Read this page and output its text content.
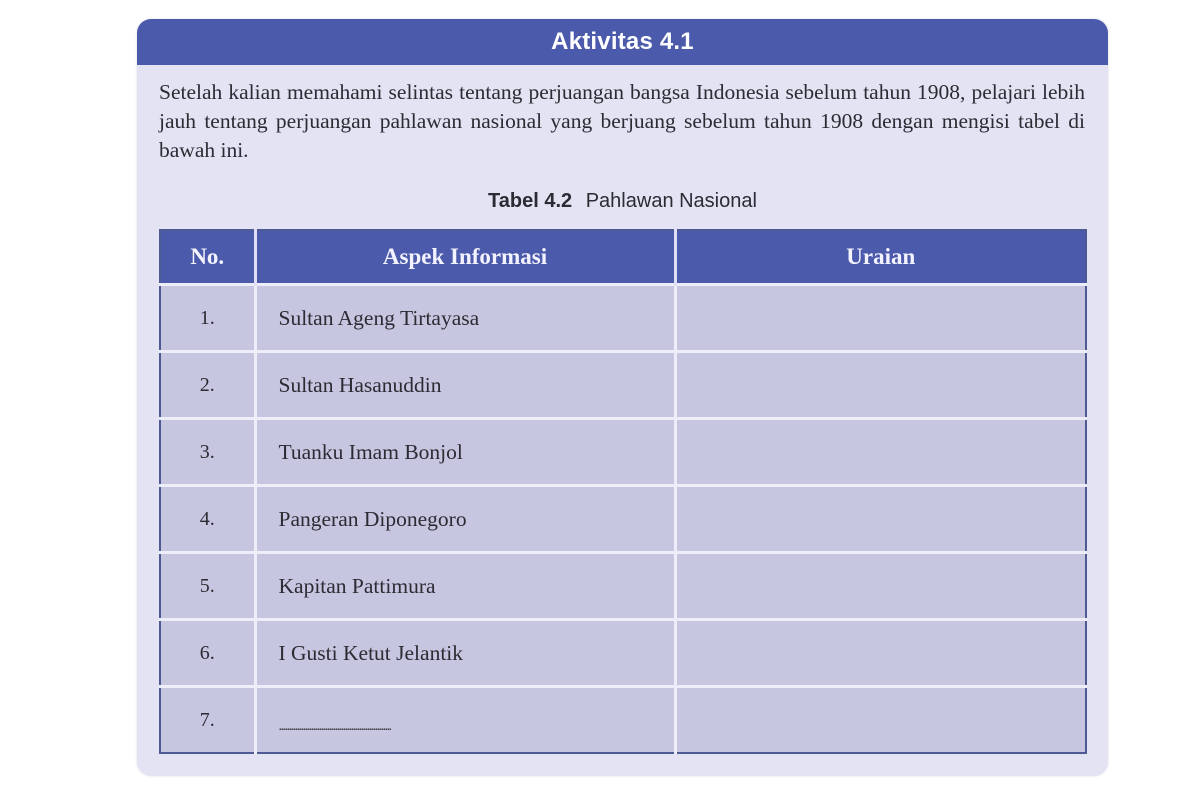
Aktivitas 4.1

Setelah kalian memahami selintas tentang perjuangan bangsa Indonesia sebelum tahun 1908, pelajari lebih jauh tentang perjuangan pahlawan nasional yang berjuang sebelum tahun 1908 dengan mengisi tabel di bawah ini.

Tabel 4.2 Pahlawan Nasional
No.	Aspek Informasi	Uraian
1.	Sultan Ageng Tirtayasa	
2.	Sultan Hasanuddin	
3.	Tuanku Imam Bonjol	
4.	Pangeran Diponegoro	
5.	Kapitan Pattimura	
6.	I Gusti Ketut Jelantik	
7.	........................................................	
